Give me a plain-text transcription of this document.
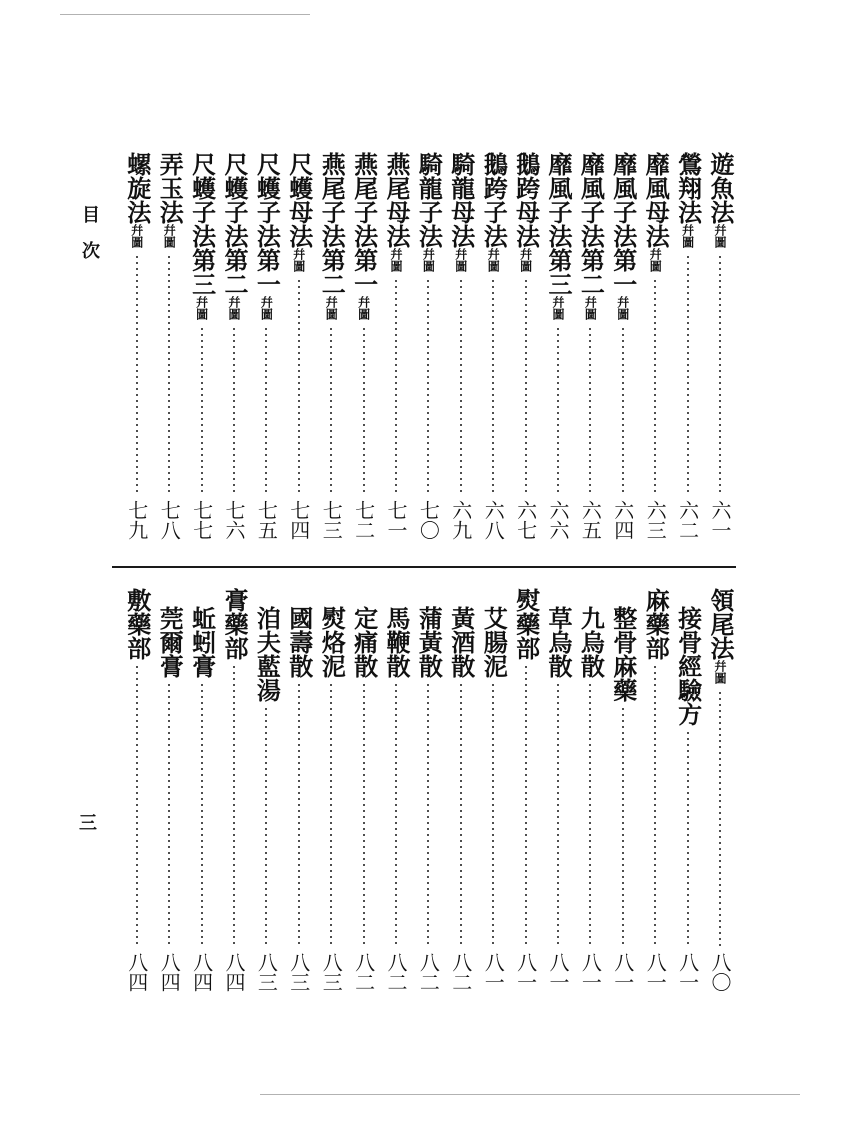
目次
三
遊魚法幷圖
六一
鶯翔法幷圖
六二
靡風母法幷圖
六三
靡風子法第一幷圖
六四
靡風子法第二幷圖
六五
靡風子法第三幷圖
六六
鵝跨母法幷圖
六七
鵝跨子法幷圖
六八
騎龍母法幷圖
六九
騎龍子法幷圖
七〇
燕尾母法幷圖
七一
燕尾子法第一幷圖
七二
燕尾子法第二幷圖
七三
尺蠖母法幷圖
七四
尺蠖子法第一幷圖
七五
尺蠖子法第二幷圖
七六
尺蠖子法第三幷圖
七七
弄玉法幷圖
七八
螺旋法幷圖
七九
領尾法幷圖
八〇
接骨經驗方
八一
麻藥部
八一
整骨麻藥
八一
九烏散
八一
草烏散
八一
熨藥部
八一
艾腸泥
八一
黃酒散
八二
蒲黃散
八二
馬鞭散
八二
定痛散
八二
熨烙泥
八三
國壽散
八三
洎夫藍湯
八三
膏藥部
八四
蚯蚓膏
八四
莞爾膏
八四
敷藥部
八四
